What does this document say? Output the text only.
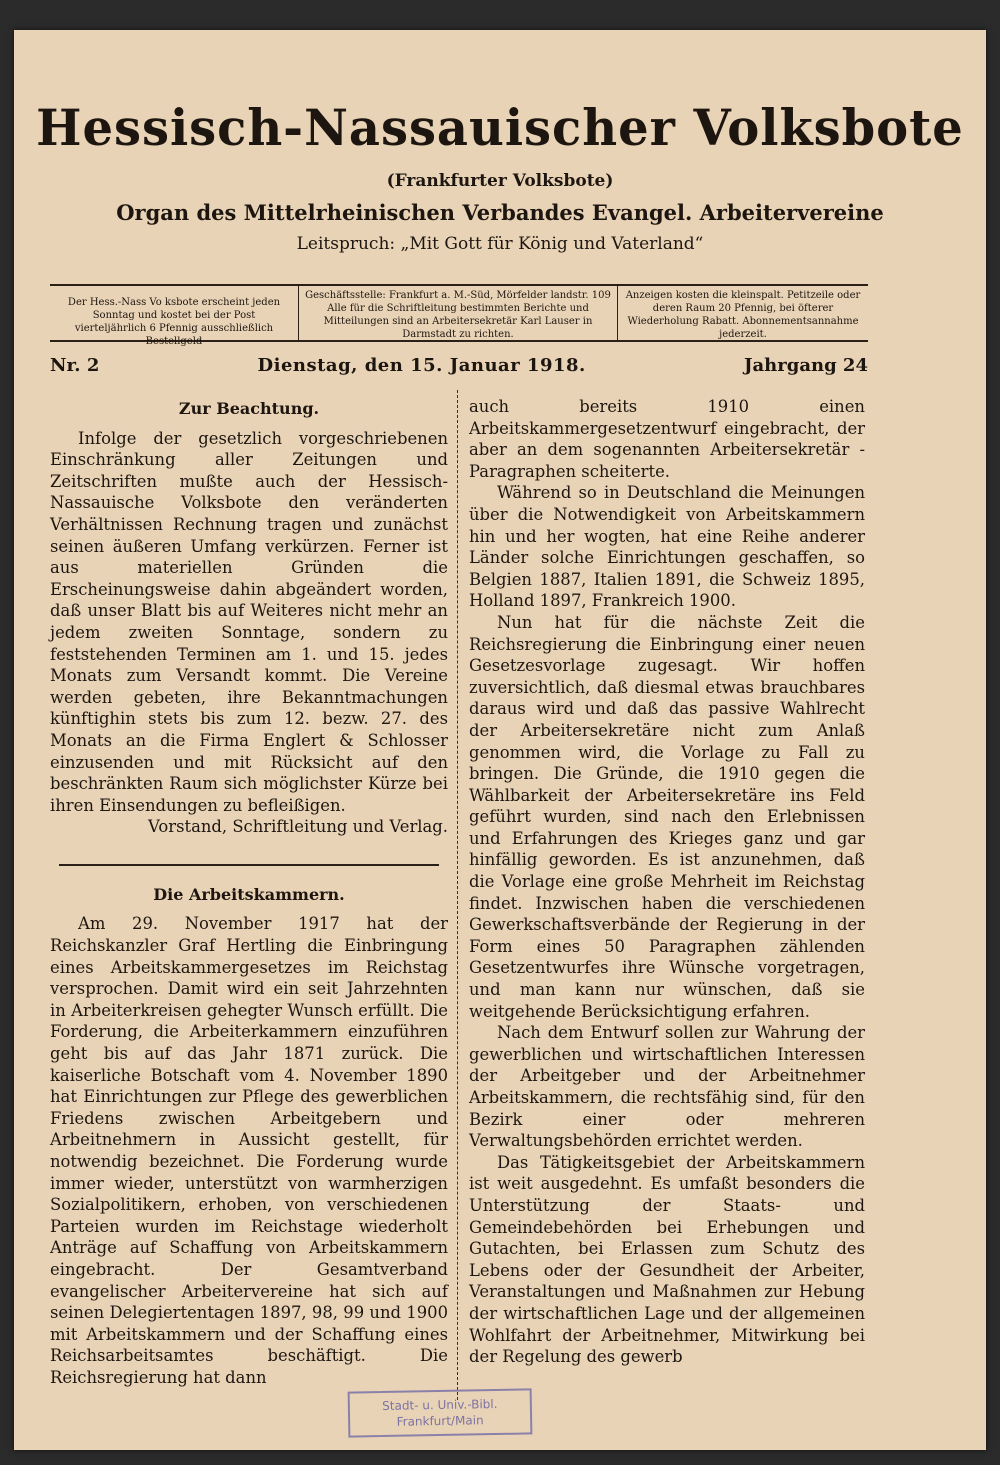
Hessisch-Nassauischer Volksbote
(Frankfurter Volksbote)
Organ des Mittelrheinischen Verbandes Evangel. Arbeitervereine
Leitspruch: „Mit Gott für König und Vaterland“
Der Hess.-Nass Vo ksbote erscheint jeden Sonntag und kostet bei der Post vierteljährlich 6 Pfennig ausschließlich Bestellgeld
Geschäftsstelle: Frankfurt a. M.-Süd, Mörfelder landstr. 109 Alle für die Schriftleitung bestimmten Berichte und Mitteilungen sind an Arbeitersekretär Karl Lauser in Darmstadt zu richten.
Anzeigen kosten die kleinspalt. Petitzeile oder deren Raum 20 Pfennig, bei öfterer Wiederholung Rabatt. Abonnementsannahme jederzeit.
Nr. 2	Dienstag, den 15. Januar 1918.	Jahrgang 24
Zur Beachtung.

Infolge der gesetzlich vorgeschriebenen Einschränkung aller Zeitungen und Zeitschriften mußte auch der Hessisch-Nassauische Volksbote den veränderten Verhältnissen Rechnung tragen und zunächst seinen äußeren Umfang verkürzen. Ferner ist aus materiellen Gründen die Erscheinungsweise dahin abgeändert worden, daß unser Blatt bis auf Weiteres nicht mehr an jedem zweiten Sonntage, sondern zu feststehenden Terminen am 1. und 15. jedes Monats zum Versandt kommt. Die Vereine werden gebeten, ihre Bekanntmachungen künftighin stets bis zum 12. bezw. 27. des Monats an die Firma Englert & Schlosser einzusenden und mit Rücksicht auf den beschränkten Raum sich möglichster Kürze bei ihren Einsendungen zu befleißigen.

Vorstand, Schriftleitung und Verlag.

Die Arbeitskammern.

Am 29. November 1917 hat der Reichskanzler Graf Hertling die Einbringung eines Arbeitskammergesetzes im Reichstag versprochen. Damit wird ein seit Jahrzehnten in Arbeiterkreisen gehegter Wunsch erfüllt. Die Forderung, die Arbeiterkammern einzuführen geht bis auf das Jahr 1871 zurück. Die kaiserliche Botschaft vom 4. November 1890 hat Einrichtungen zur Pflege des gewerblichen Friedens zwischen Arbeitgebern und Arbeitnehmern in Aussicht gestellt, für notwendig bezeichnet. Die Forderung wurde immer wieder, unterstützt von warmherzigen Sozialpolitikern, erhoben, von verschiedenen Parteien wurden im Reichstage wiederholt Anträge auf Schaffung von Arbeitskammern eingebracht. Der Gesamtverband evangelischer Arbeitervereine hat sich auf seinen Delegiertentagen 1897, 98, 99 und 1900 mit Arbeitskammern und der Schaffung eines Reichsarbeitsamtes beschäftigt. Die Reichsregierung hat dann

auch bereits 1910 einen Arbeitskammergesetzentwurf eingebracht, der aber an dem sogenannten Arbeitersekretär - Paragraphen scheiterte.

Während so in Deutschland die Meinungen über die Notwendigkeit von Arbeitskammern hin und her wogten, hat eine Reihe anderer Länder solche Einrichtungen geschaffen, so Belgien 1887, Italien 1891, die Schweiz 1895, Holland 1897, Frankreich 1900.

Nun hat für die nächste Zeit die Reichsregierung die Einbringung einer neuen Gesetzesvorlage zugesagt. Wir hoffen zuversichtlich, daß diesmal etwas brauchbares daraus wird und daß das passive Wahlrecht der Arbeitersekretäre nicht zum Anlaß genommen wird, die Vorlage zu Fall zu bringen. Die Gründe, die 1910 gegen die Wählbarkeit der Arbeitersekretäre ins Feld geführt wurden, sind nach den Erlebnissen und Erfahrungen des Krieges ganz und gar hinfällig geworden. Es ist anzunehmen, daß die Vorlage eine große Mehrheit im Reichstag findet. Inzwischen haben die verschiedenen Gewerkschaftsverbände der Regierung in der Form eines 50 Paragraphen zählenden Gesetzentwurfes ihre Wünsche vorgetragen, und man kann nur wünschen, daß sie weitgehende Berücksichtigung erfahren.

Nach dem Entwurf sollen zur Wahrung der gewerblichen und wirtschaftlichen Interessen der Arbeitgeber und der Arbeitnehmer Arbeitskammern, die rechtsfähig sind, für den Bezirk einer oder mehreren Verwaltungsbehörden errichtet werden.

Das Tätigkeitsgebiet der Arbeitskammern ist weit ausgedehnt. Es umfaßt besonders die Unterstützung der Staats- und Gemeindebehörden bei Erhebungen und Gutachten, bei Erlassen zum Schutz des Lebens oder der Gesundheit der Arbeiter, Veranstaltungen und Maßnahmen zur Hebung der wirtschaftlichen Lage und der allgemeinen Wohlfahrt der Arbeitnehmer, Mitwirkung bei der Regelung des gewerb

Stadt- u. Univ.-Bibl.
Frankfurt/Main
